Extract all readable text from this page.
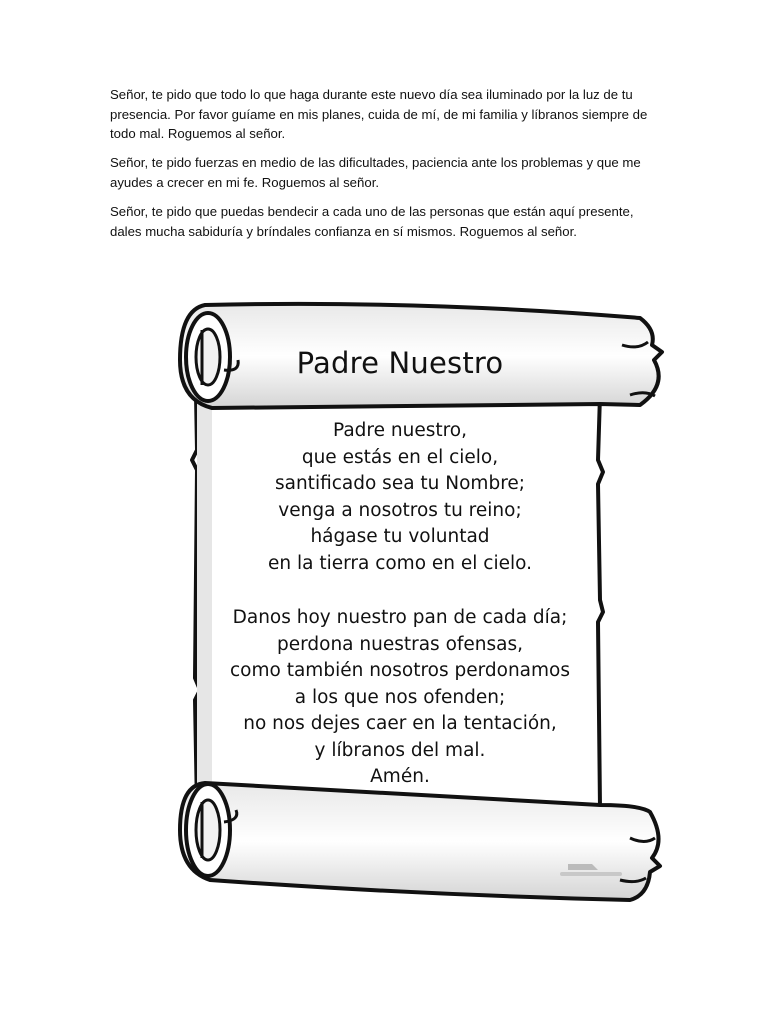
Señor, te pido que todo lo que haga durante este nuevo día sea iluminado por la luz de tu presencia. Por favor guíame en mis planes, cuida de mí, de mi familia y líbranos siempre de todo mal. Roguemos al señor.

Señor, te pido fuerzas en medio de las dificultades, paciencia ante los problemas y que me ayudes a crecer en mi fe. Roguemos al señor.

Señor, te pido que puedas bendecir a cada uno de las personas que están aquí presente, dales mucha sabiduría y bríndales confianza en sí mismos. Roguemos al señor.

Padre Nuestro
Padre nuestro,
que estás en el cielo,
santificado sea tu Nombre;
venga a nosotros tu reino;
hágase tu voluntad
en la tierra como en el cielo.
Danos hoy nuestro pan de cada día;
perdona nuestras ofensas,
como también nosotros perdonamos
a los que nos ofenden;
no nos dejes caer en la tentación,
y líbranos del mal.
Amén.
